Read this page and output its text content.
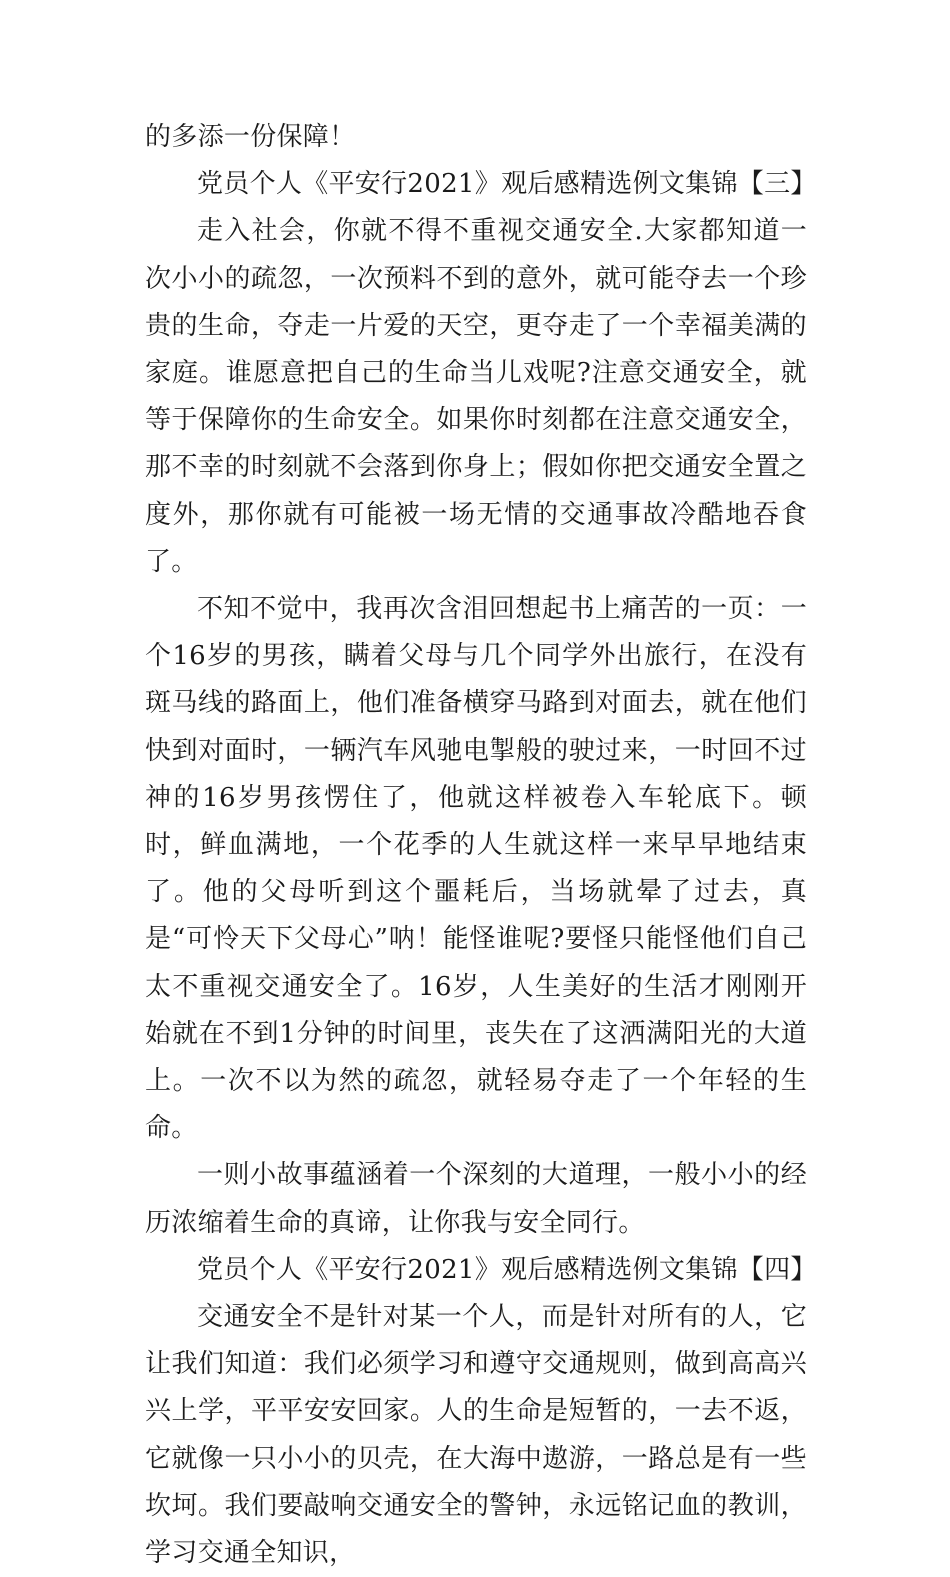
的多添一份保障！

党员个人《平安行2021》观后感精选例文集锦【三】

走入社会，你就不得不重视交通安全.大家都知道一次小小的疏忽，一次预料不到的意外，就可能夺去一个珍贵的生命，夺走一片爱的天空，更夺走了一个幸福美满的家庭。谁愿意把自己的生命当儿戏呢?注意交通安全，就等于保障你的生命安全。如果你时刻都在注意交通安全，那不幸的时刻就不会落到你身上；假如你把交通安全置之度外，那你就有可能被一场无情的交通事故冷酷地吞食了。

不知不觉中，我再次含泪回想起书上痛苦的一页：一个16岁的男孩，瞒着父母与几个同学外出旅行，在没有斑马线的路面上，他们准备横穿马路到对面去，就在他们快到对面时，一辆汽车风驰电掣般的驶过来，一时回不过神的16岁男孩愣住了，他就这样被卷入车轮底下。顿时，鲜血满地，一个花季的人生就这样一来早早地结束了。他的父母听到这个噩耗后，当场就晕了过去，真是“可怜天下父母心”呐！能怪谁呢?要怪只能怪他们自己太不重视交通安全了。16岁，人生美好的生活才刚刚开始就在不到1分钟的时间里，丧失在了这洒满阳光的大道上。一次不以为然的疏忽，就轻易夺走了一个年轻的生命。

一则小故事蕴涵着一个深刻的大道理，一般小小的经历浓缩着生命的真谛，让你我与安全同行。

党员个人《平安行2021》观后感精选例文集锦【四】

交通安全不是针对某一个人，而是针对所有的人，它让我们知道：我们必须学习和遵守交通规则，做到高高兴兴上学，平平安安回家。人的生命是短暂的，一去不返，它就像一只小小的贝壳，在大海中遨游，一路总是有一些坎坷。我们要敲响交通安全的警钟，永远铭记血的教训，学习交通全知识，
